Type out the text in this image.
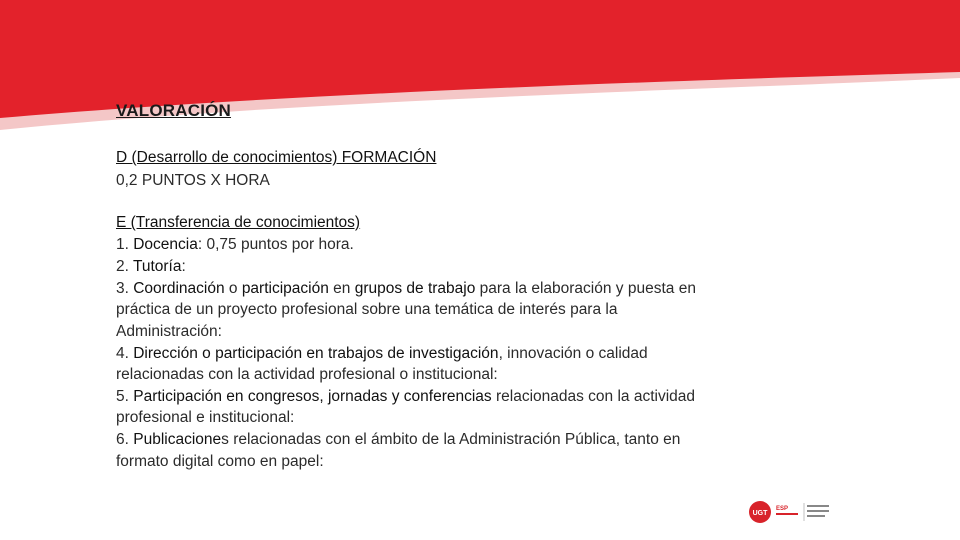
VALORACIÓN
D (Desarrollo de conocimientos) FORMACIÓN
0,2 PUNTOS X HORA
E (Transferencia de conocimientos)
1. Docencia: 0,75 puntos por hora.
2. Tutoría:
3. Coordinación o participación en grupos de trabajo para la elaboración y puesta en
práctica de un proyecto profesional sobre una temática de interés para la
Administración:
4. Dirección o participación en trabajos de investigación, innovación o calidad
relacionadas con la actividad profesional o institucional:
5. Participación en congresos, jornadas y conferencias relacionadas con la actividad
profesional e institucional:
6. Publicaciones relacionadas con el ámbito de la Administración Pública, tanto en
formato digital como en papel:
UGT
ESP
